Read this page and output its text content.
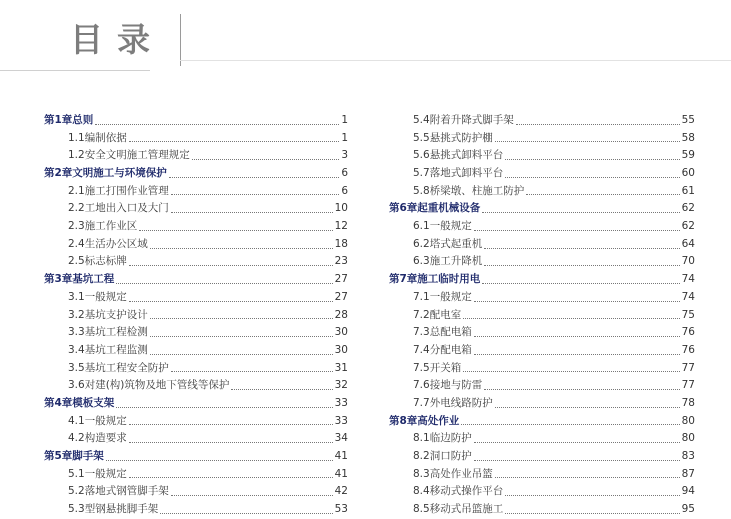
目录
第1章总则	1
1.1编制依据	1
1.2安全文明施工管理规定	3
第2章文明施工与环境保护	6
2.1施工打围作业管理	6
2.2工地出入口及大门	10
2.3施工作业区	12
2.4生活办公区域	18
2.5标志标牌	23
第3章基坑工程	27
3.1一般规定	27
3.2基坑支护设计	28
3.3基坑工程检测	30
3.4基坑工程监测	30
3.5基坑工程安全防护	31
3.6对建(构)筑物及地下管线等保护	32
第4章模板支架	33
4.1一般规定	33
4.2构造要求	34
第5章脚手架	41
5.1一般规定	41
5.2落地式钢管脚手架	42
5.3型钢悬挑脚手架	53
5.4附着升降式脚手架	55
5.5悬挑式防护棚	58
5.6悬挑式卸料平台	59
5.7落地式卸料平台	60
5.8桥梁墩、柱施工防护	61
第6章起重机械设备	62
6.1一般规定	62
6.2塔式起重机	64
6.3施工升降机	70
第7章施工临时用电	74
7.1一般规定	74
7.2配电室	75
7.3总配电箱	76
7.4分配电箱	76
7.5开关箱	77
7.6接地与防雷	77
7.7外电线路防护	78
第8章高处作业	80
8.1临边防护	80
8.2洞口防护	83
8.3高处作业吊篮	87
8.4移动式操作平台	94
8.5移动式吊篮施工	95
